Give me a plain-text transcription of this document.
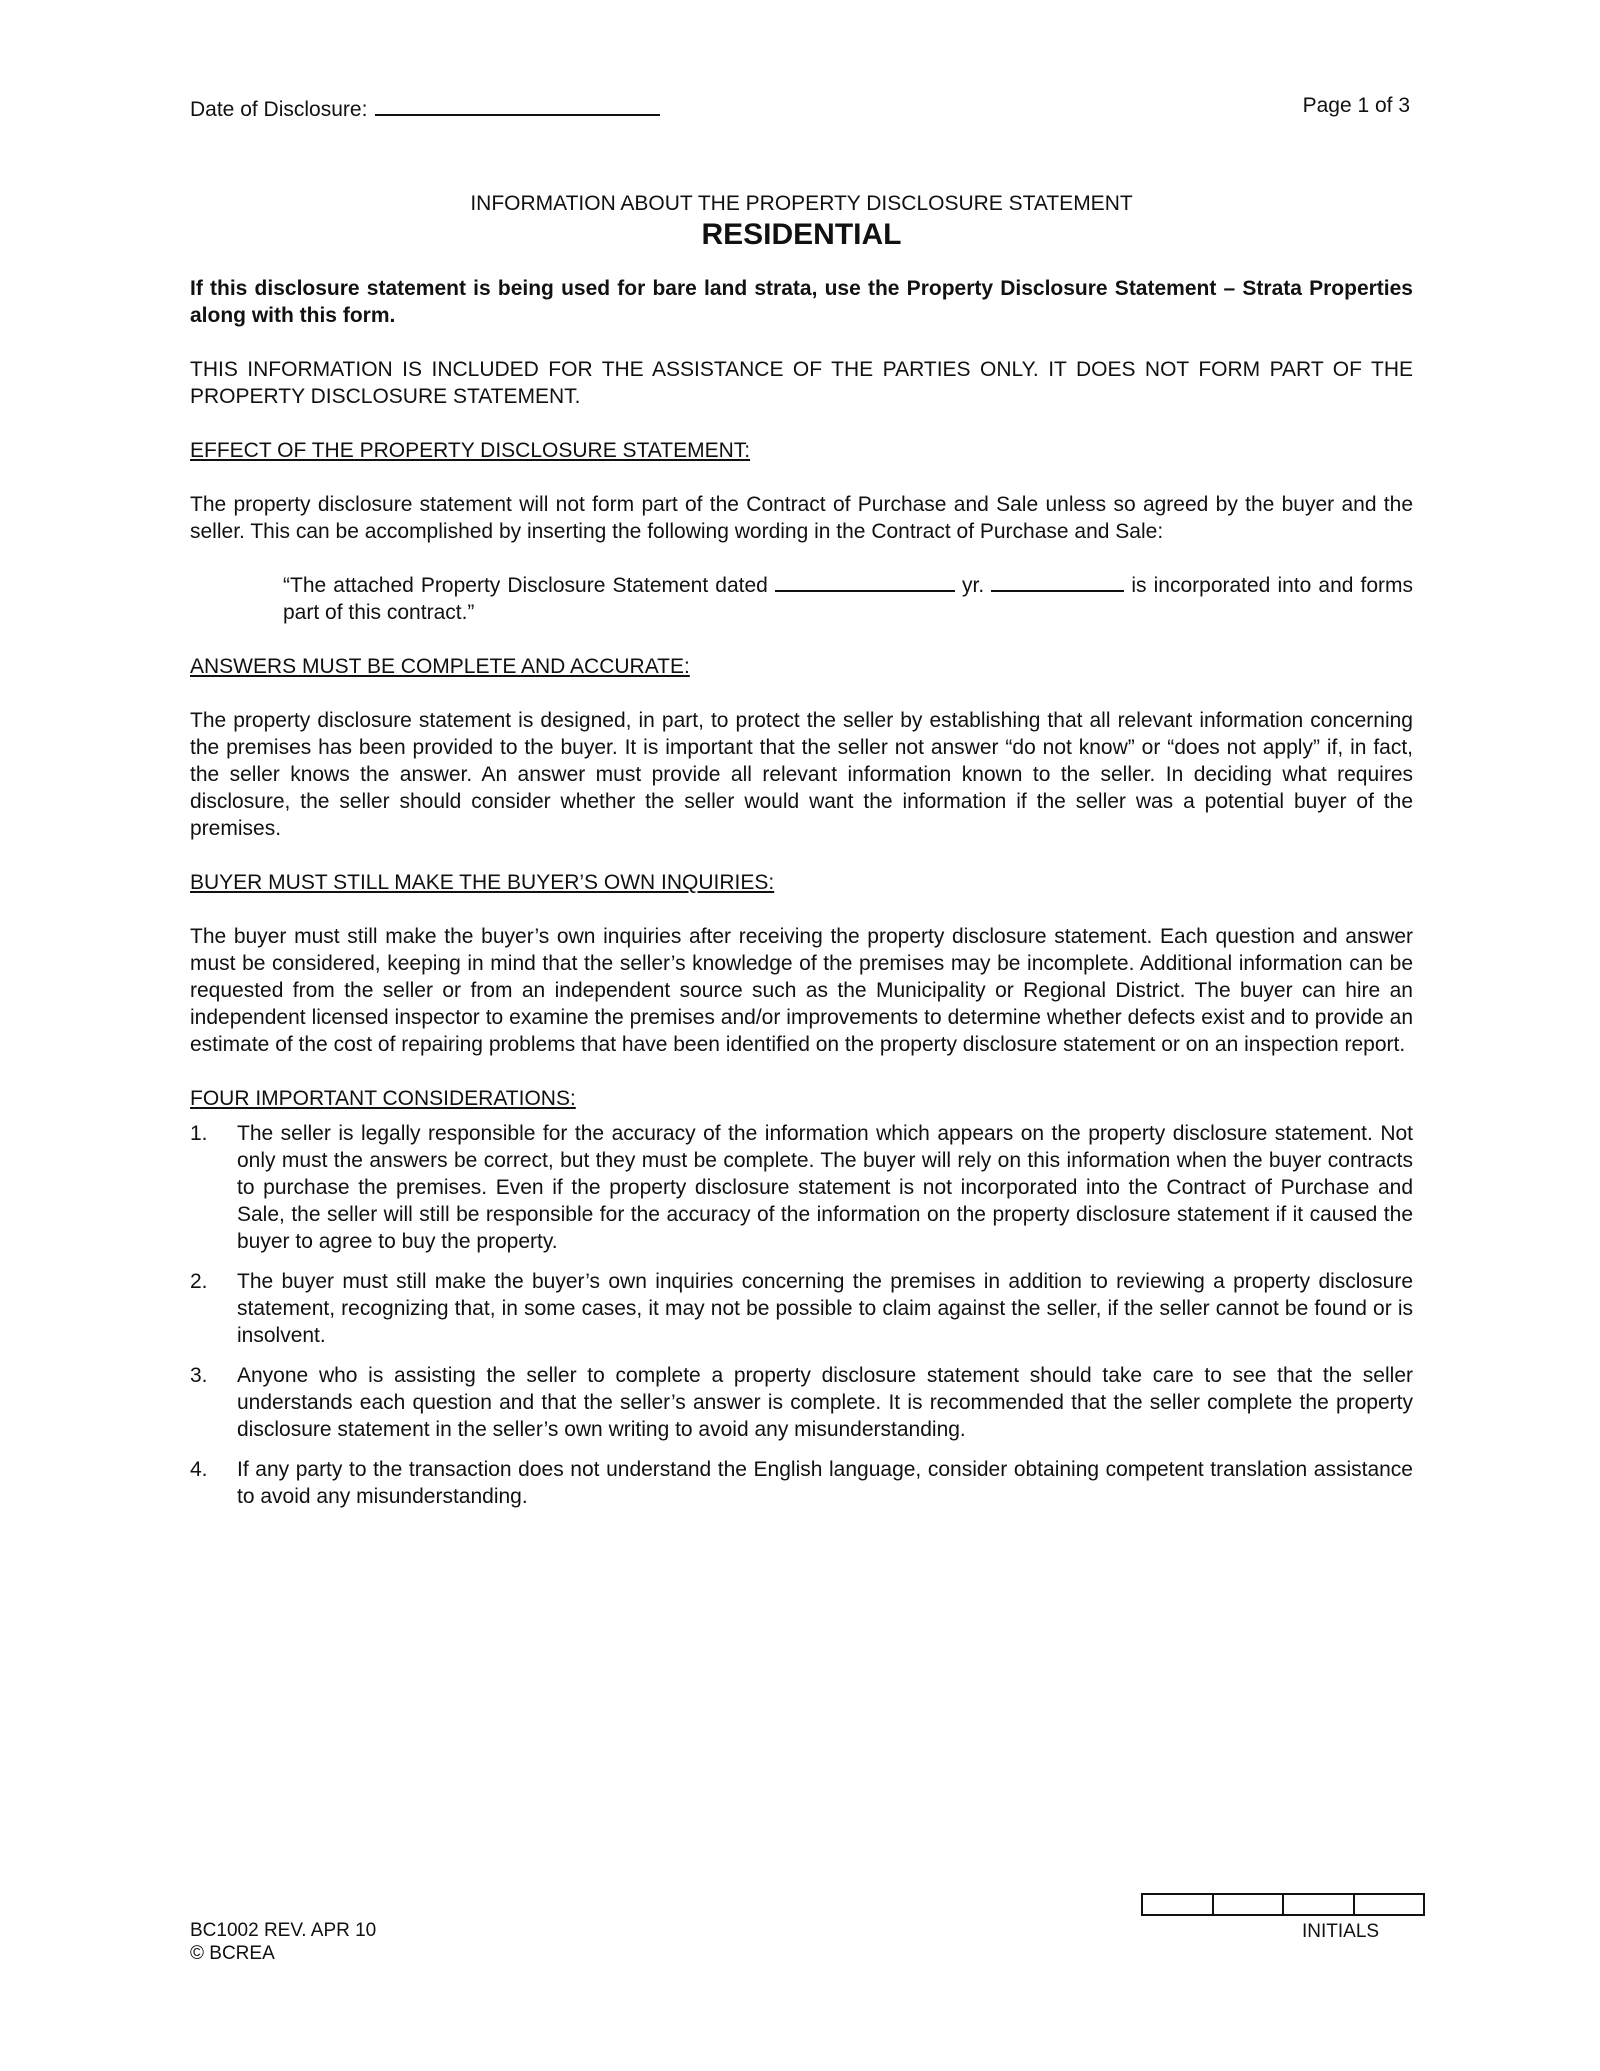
Date of Disclosure:	Page 1 of 3
INFORMATION ABOUT THE PROPERTY DISCLOSURE STATEMENT
RESIDENTIAL

If this disclosure statement is being used for bare land strata, use the Property Disclosure Statement – Strata Properties along with this form.

THIS INFORMATION IS INCLUDED FOR THE ASSISTANCE OF THE PARTIES ONLY. IT DOES NOT FORM PART OF THE PROPERTY DISCLOSURE STATEMENT.

EFFECT OF THE PROPERTY DISCLOSURE STATEMENT:

The property disclosure statement will not form part of the Contract of Purchase and Sale unless so agreed by the buyer and the seller. This can be accomplished by inserting the following wording in the Contract of Purchase and Sale:

“The attached Property Disclosure Statement dated	yr.	is incorporated into and forms part of this contract.”

ANSWERS MUST BE COMPLETE AND ACCURATE:

The property disclosure statement is designed, in part, to protect the seller by establishing that all relevant information concerning the premises has been provided to the buyer. It is important that the seller not answer “do not know” or “does not apply” if, in fact, the seller knows the answer. An answer must provide all relevant information known to the seller. In deciding what requires disclosure, the seller should consider whether the seller would want the information if the seller was a potential buyer of the premises.

BUYER MUST STILL MAKE THE BUYER’S OWN INQUIRIES:

The buyer must still make the buyer’s own inquiries after receiving the property disclosure statement. Each question and answer must be considered, keeping in mind that the seller’s knowledge of the premises may be incomplete. Additional information can be requested from the seller or from an independent source such as the Municipality or Regional District. The buyer can hire an independent licensed inspector to examine the premises and/or improvements to determine whether defects exist and to provide an estimate of the cost of repairing problems that have been identified on the property disclosure statement or on an inspection report.

FOUR IMPORTANT CONSIDERATIONS:
1.	The seller is legally responsible for the accuracy of the information which appears on the property disclosure statement. Not only must the answers be correct, but they must be complete. The buyer will rely on this information when the buyer contracts to purchase the premises. Even if the property disclosure statement is not incorporated into the Contract of Purchase and Sale, the seller will still be responsible for the accuracy of the information on the property disclosure statement if it caused the buyer to agree to buy the property.
2.	The buyer must still make the buyer’s own inquiries concerning the premises in addition to reviewing a property disclosure statement, recognizing that, in some cases, it may not be possible to claim against the seller, if the seller cannot be found or is insolvent.
3.	Anyone who is assisting the seller to complete a property disclosure statement should take care to see that the seller understands each question and that the seller’s answer is complete. It is recommended that the seller complete the property disclosure statement in the seller’s own writing to avoid any misunderstanding.
4.	If any party to the transaction does not understand the English language, consider obtaining competent translation assistance to avoid any misunderstanding.
BC1002 REV. APR 10
© BCREA
INITIALS
